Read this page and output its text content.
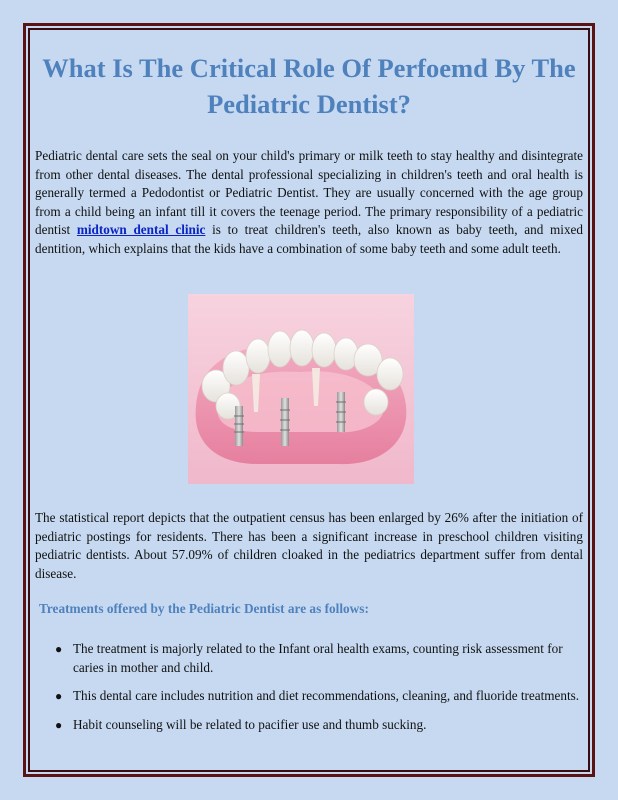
What Is The Critical Role Of Perfoemd By The Pediatric Dentist?

Pediatric dental care sets the seal on your child's primary or milk teeth to stay healthy and disintegrate from other dental diseases. The dental professional specializing in children's teeth and oral health is generally termed a Pedodontist or Pediatric Dentist. They are usually concerned with the age group from a child being an infant till it covers the teenage period. The primary responsibility of a pediatric dentist midtown dental clinic is to treat children's teeth, also known as baby teeth, and mixed dentition, which explains that the kids have a combination of some baby teeth and some adult teeth.

The statistical report depicts that the outpatient census has been enlarged by 26% after the initiation of pediatric postings for residents. There has been a significant increase in preschool children visiting pediatric dentists. About 57.09% of children cloaked in the pediatrics department suffer from dental disease.

Treatments offered by the Pediatric Dentist are as follows:
● The treatment is majorly related to the Infant oral health exams, counting risk assessment for caries in mother and child.
● This dental care includes nutrition and diet recommendations, cleaning, and fluoride treatments.
● Habit counseling will be related to pacifier use and thumb sucking.
